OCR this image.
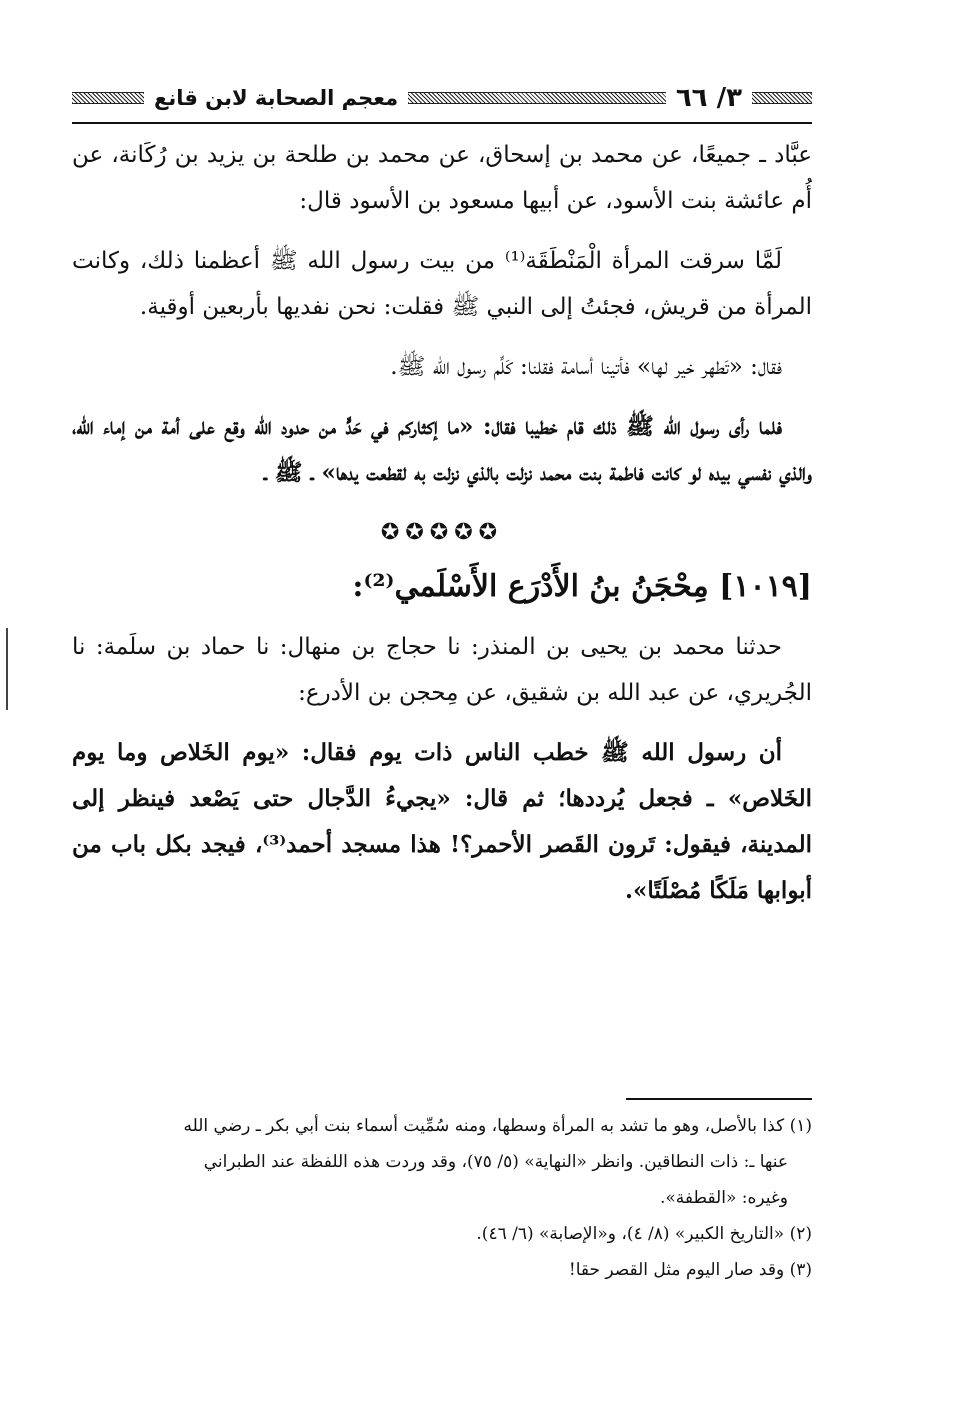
٣/ ٦٦
معجم الصحابة لابن قانع

عبَّاد ـ جميعًا، عن محمد بن إسحاق، عن محمد بن طلحة بن يزيد بن رُكَانة، عن أُم عائشة بنت الأسود، عن أبيها مسعود بن الأسود قال:

لَمَّا سرقت المرأة الْمَنْطَقَة⁽¹⁾ من بيت رسول الله ﷺ أعظمنا ذلك، وكانت المرأة من قريش، فجئتُ إلى النبي ﷺ فقلت: نحن نفديها بأربعين أوقية.

فقال: «تَطهر خير لها» فأتينا أسامة فقلنا: كَلِّم رسول الله ﷺ.

فلما رأى رسول الله ﷺ ذلك قام خطيبا فقال: «ما إكثاركم في حَدٍّ من حدود الله وقع على أمة من إماء الله، والذي نفسي بيده لو كانت فاطمة بنت محمد نزلت بالذي نزلت به لقطعت يدها» ـ ﷺ ـ

✪✪✪✪✪

[١٠١٩] مِحْجَنُ بنُ الأَدْرَع الأَسْلَمي⁽²⁾:

حدثنا محمد بن يحيى بن المنذر: نا حجاج بن منهال: نا حماد بن سلَمة: نا الجُريري، عن عبد الله بن شقيق، عن مِحجن بن الأدرع:

أن رسول الله ﷺ خطب الناس ذات يوم فقال: «يوم الخَلاص وما يوم الخَلاص» ـ فجعل يُرددها؛ ثم قال: «يجيءُ الدَّجال حتى يَصْعد فينظر إلى المدينة، فيقول: تَرون القَصر الأحمر؟! هذا مسجد أحمد⁽³⁾، فيجد بكل باب من أبوابها مَلَكًا مُصْلَتًا».

(١) كذا بالأصل، وهو ما تشد به المرأة وسطها، ومنه سُمِّيت أسماء بنت أبي بكر ـ رضي الله

عنها ـ: ذات النطاقين. وانظر «النهاية» (٥/ ٧٥)، وقد وردت هذه اللفظة عند الطبراني

وغيره: «القطفة».

(٢) «التاريخ الكبير» (٨/ ٤)، و«الإصابة» (٦/ ٤٦).

(٣) وقد صار اليوم مثل القصر حقا!
